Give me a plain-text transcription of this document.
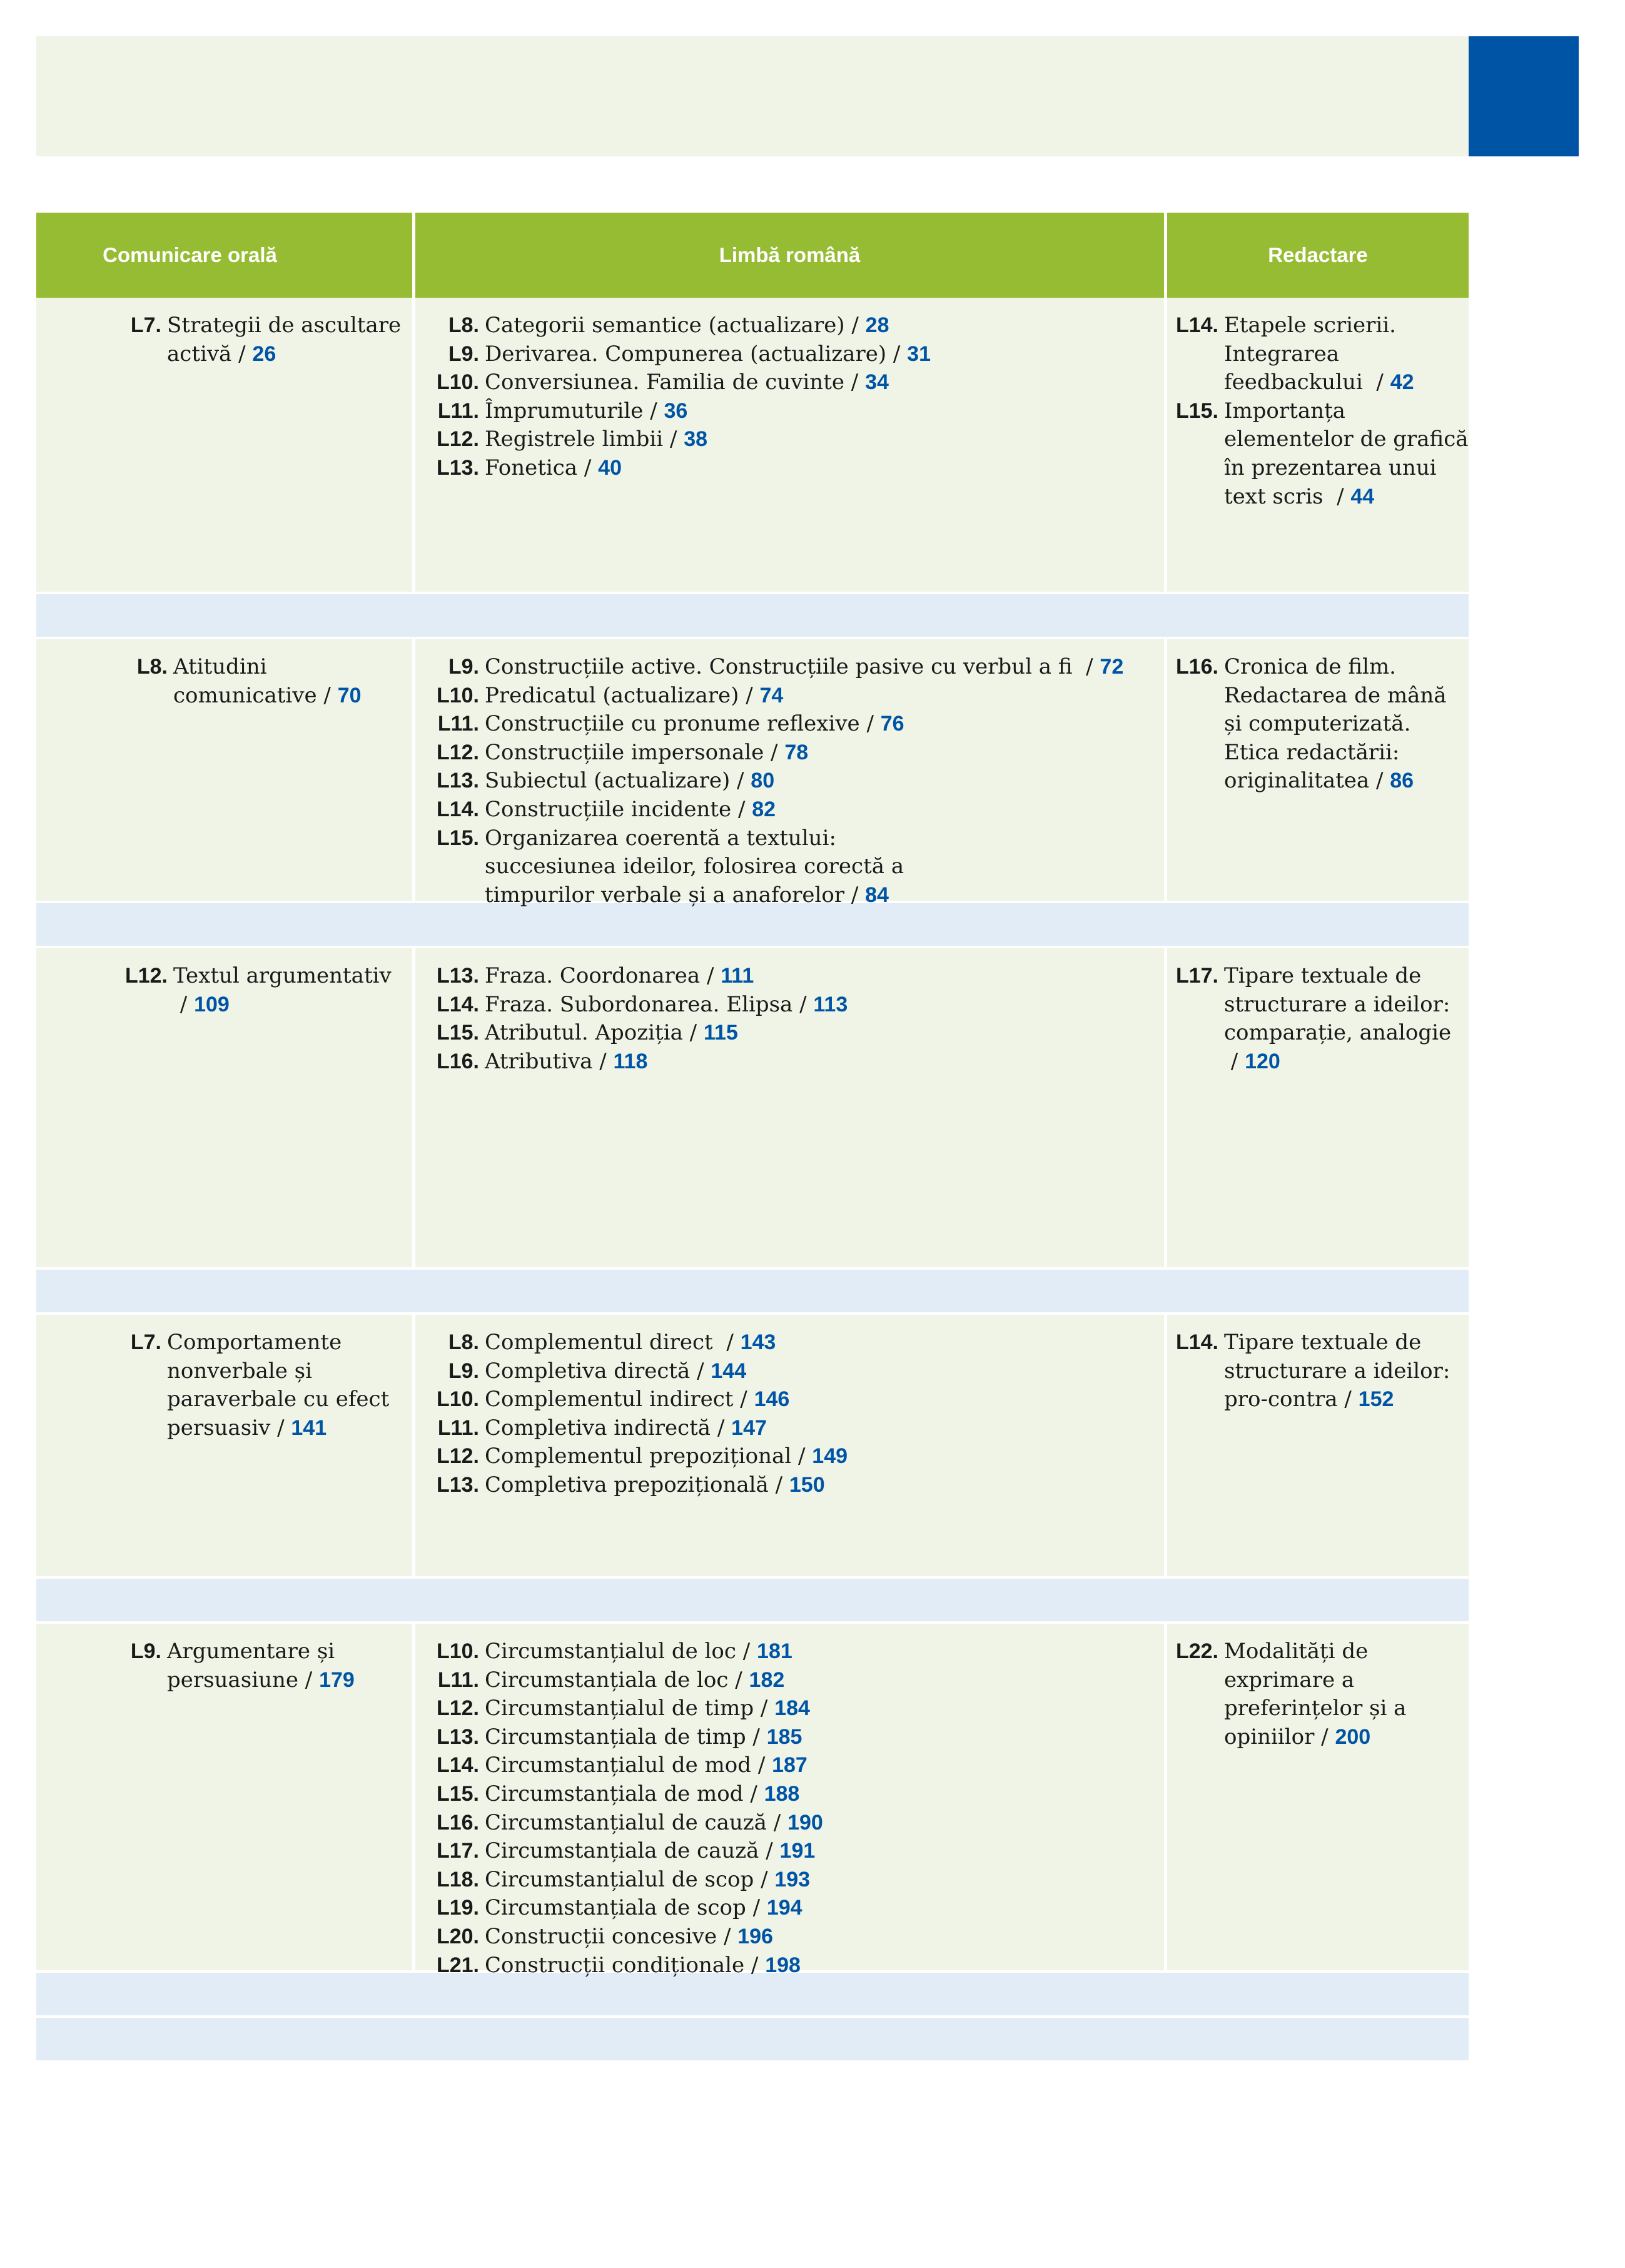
Comunicare orală	Limbă română	Redactare
L7. Strategii de ascultare activă / 26
L8. Categorii semantice (actualizare) / 28
L9. Derivarea. Compunerea (actualizare) / 31
L10. Conversiunea. Familia de cuvinte / 34
L11. Împrumuturile / 36
L12. Registrele limbii / 38
L13. Fonetica / 40
L14. Etapele scrierii. Integrarea feedbackului  / 42
L15. Importanța elementelor de grafică în prezentarea unui text scris  / 44
L8. Atitudini comunicative / 70
L9. Construcțiile active. Construcțiile pasive cu verbul a fi  / 72
L10. Predicatul (actualizare) / 74
L11. Construcțiile cu pronume reflexive / 76
L12. Construcțiile impersonale / 78
L13. Subiectul (actualizare) / 80
L14. Construcțiile incidente / 82
L15. Organizarea coerentă a textului: succesiunea ideilor, folosirea corectă a timpurilor verbale și a anaforelor / 84
L16. Cronica de film. Redactarea de mână și computerizată. Etica redactării: originalitatea / 86
L12. Textul argumentativ / 109
L13. Fraza. Coordonarea / 111
L14. Fraza. Subordonarea. Elipsa / 113
L15. Atributul. Apoziția / 115
L16. Atributiva / 118
L17. Tipare textuale de structurare a ideilor: comparație, analogie / 120
L7. Comportamente nonverbale și paraverbale cu efect persuasiv / 141
L8. Complementul direct  / 143
L9. Completiva directă / 144
L10. Complementul indirect / 146
L11. Completiva indirectă / 147
L12. Complementul prepozițional / 149
L13. Completiva prepozițională / 150
L14. Tipare textuale de structurare a ideilor: pro-contra / 152
L9. Argumentare și persuasiune / 179
L10. Circumstanțialul de loc / 181
L11. Circumstanțiala de loc / 182
L12. Circumstanțialul de timp / 184
L13. Circumstanțiala de timp / 185
L14. Circumstanțialul de mod / 187
L15. Circumstanțiala de mod / 188
L16. Circumstanțialul de cauză / 190
L17. Circumstanțiala de cauză / 191
L18. Circumstanțialul de scop / 193
L19. Circumstanțiala de scop / 194
L20. Construcții concesive / 196
L21. Construcții condiționale / 198
L22. Modalități de exprimare a preferințelor și a opiniilor / 200
